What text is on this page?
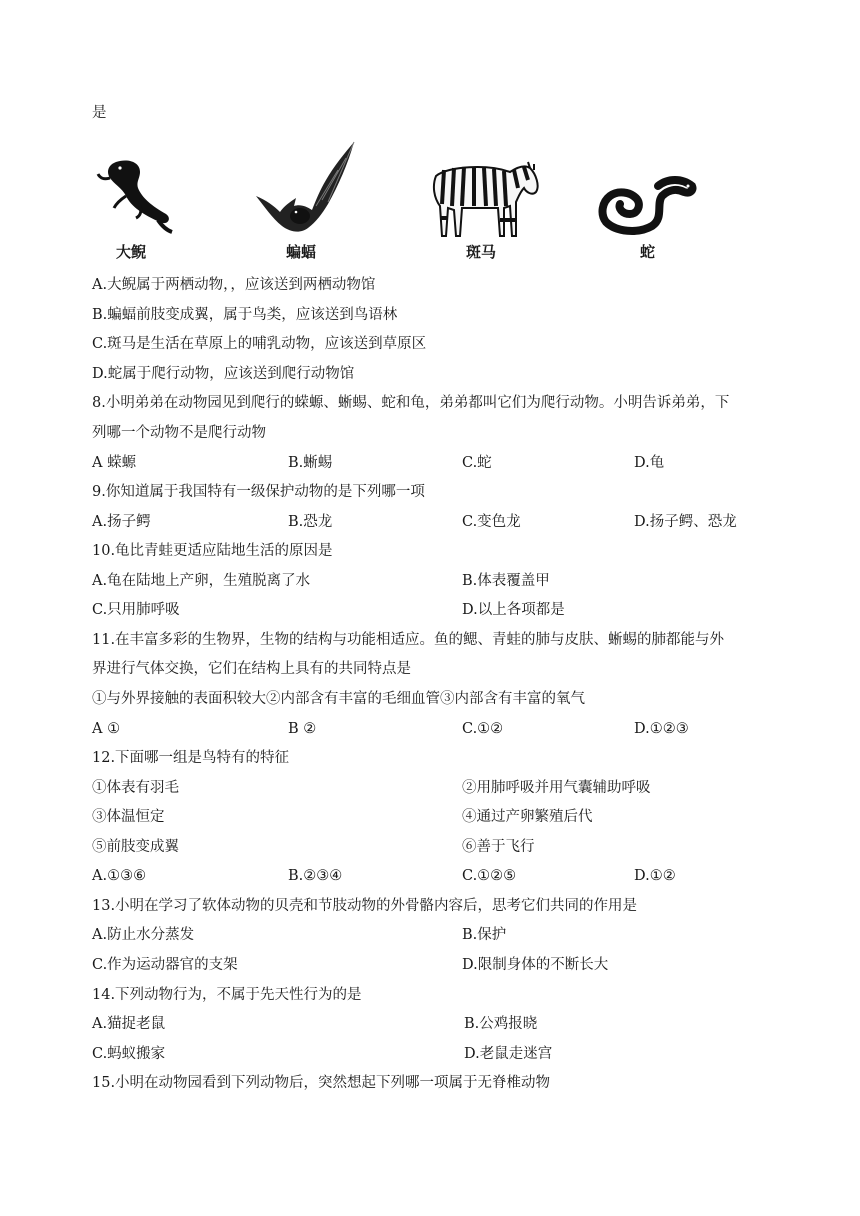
是
大鲵	蝙蝠	斑马	蛇
A.大鲵属于两栖动物，，应该送到两栖动物馆
B.蝙蝠前肢变成翼，属于鸟类，应该送到鸟语林
C.斑马是生活在草原上的哺乳动物，应该送到草原区
D.蛇属于爬行动物，应该送到爬行动物馆
8.小明弟弟在动物园见到爬行的蝾螈、蜥蜴、蛇和龟，弟弟都叫它们为爬行动物。小明告诉弟弟，下
列哪一个动物不是爬行动物
A 蝾螈	B.蜥蜴	C.蛇	D.龟
9.你知道属于我国特有一级保护动物的是下列哪一项
A.扬子鳄	B.恐龙	C.变色龙	D.扬子鳄、恐龙
10.龟比青蛙更适应陆地生活的原因是
A.龟在陆地上产卵，生殖脱离了水	B.体表覆盖甲
C.只用肺呼吸	D.以上各项都是
11.在丰富多彩的生物界，生物的结构与功能相适应。鱼的鳃、青蛙的肺与皮肤、蜥蜴的肺都能与外
界进行气体交换，它们在结构上具有的共同特点是
①与外界接触的表面积较大②内部含有丰富的毛细血管③内部含有丰富的氧气
A ①	B ②	C.①②	D.①②③
12.下面哪一组是鸟特有的特征
①体表有羽毛	②用肺呼吸并用气囊辅助呼吸
③体温恒定	④通过产卵繁殖后代
⑤前肢变成翼	⑥善于飞行
A.①③⑥	B.②③④	C.①②⑤	D.①②
13.小明在学习了软体动物的贝壳和节肢动物的外骨骼内容后，思考它们共同的作用是
A.防止水分蒸发	B.保护
C.作为运动器官的支架	D.限制身体的不断长大
14.下列动物行为，不属于先天性行为的是
A.猫捉老鼠	B.公鸡报晓
C.蚂蚁搬家	D.老鼠走迷宫
15.小明在动物园看到下列动物后，突然想起下列哪一项属于无脊椎动物
